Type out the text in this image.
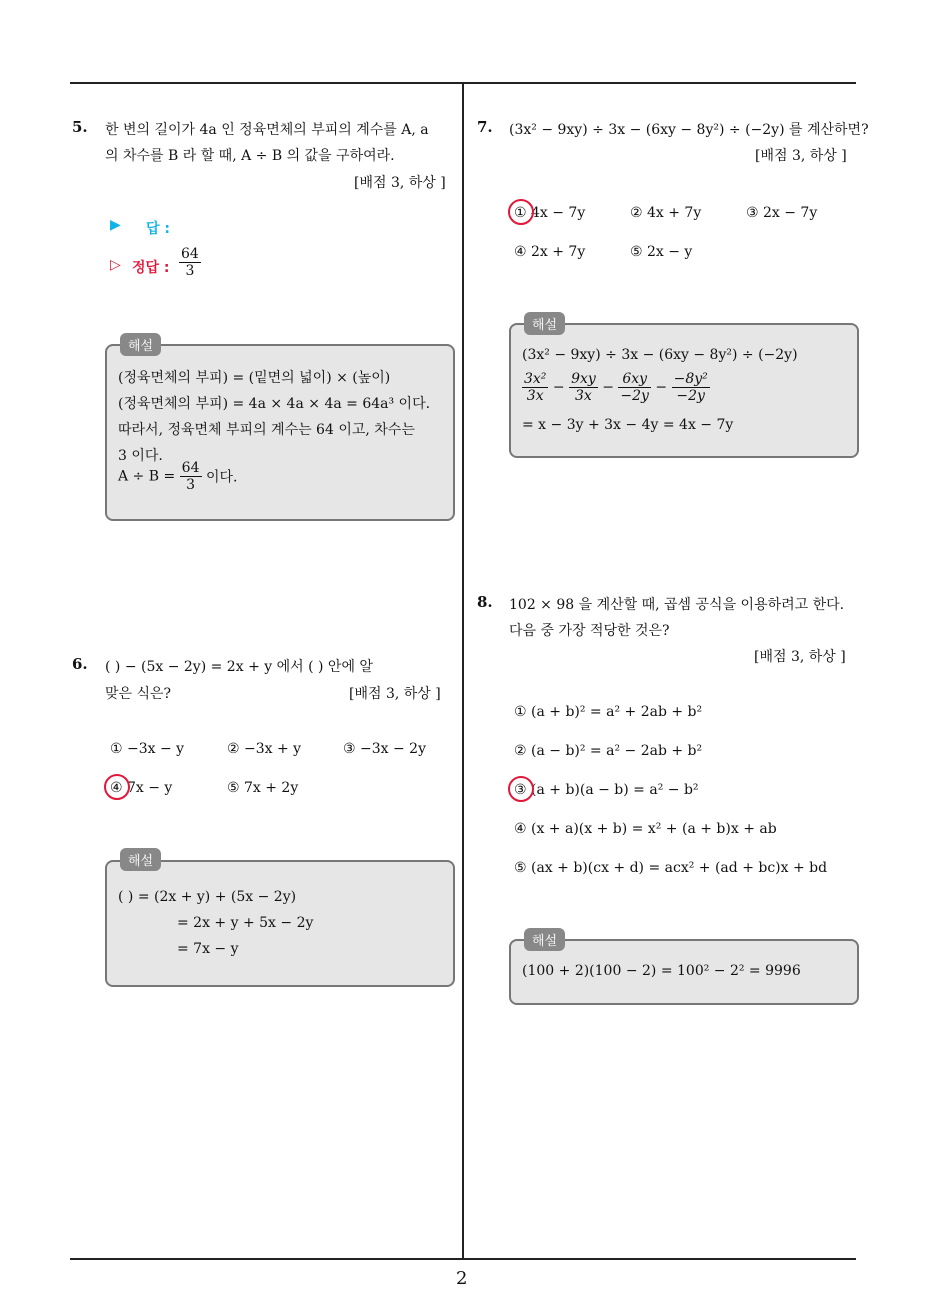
2
5. 한 변의 길이가 4a 인 정육면체의 부피의 계수를 A, a
의 차수를 B 라 할 때, A ÷ B 의 값을 구하여라.
[배점 3, 하상 ]
▶ 답 :
▷ 정답 : $\frac{64}{3}$
해설
(정육면체의 부피) = (밑면의 넓이) × (높이)
(정육면체의 부피) = 4a × 4a × 4a = 64a³ 이다.
따라서, 정육면체 부피의 계수는 64 이고, 차수는
3 이다.
$A \div B = \frac{64}{3}$ 이다.
6. ( ) − (5x − 2y) = 2x + y 에서 ( ) 안에 알
맞은 식은?	[배점 3, 하상 ]
① −3x − y	② −3x + y	③ −3x − 2y
④ 7x − y	⑤ 7x + 2y
해설
( ) = (2x + y) + (5x − 2y)
= 2x + y + 5x − 2y
= 7x − y
7. (3x² − 9xy) ÷ 3x − (6xy − 8y²) ÷ (−2y) 를 계산하면?
[배점 3, 하상 ]
① 4x − 7y	② 4x + 7y	③ 2x − 7y
④ 2x + 7y	⑤ 2x − y
해설
(3x² − 9xy) ÷ 3x − (6xy − 8y²) ÷ (−2y)
$\frac{\text{3x²}}{3x} - \frac{9xy}{3x} - \frac{6xy}{-2y} - \frac{\text{−8y²}}{-2y}$
= x − 3y + 3x − 4y = 4x − 7y
8. 102 × 98 을 계산할 때, 곱셈 공식을 이용하려고 한다.
다음 중 가장 적당한 것은?
[배점 3, 하상 ]
① (a + b)² = a² + 2ab + b²
② (a − b)² = a² − 2ab + b²
③ (a + b)(a − b) = a² − b²
④ (x + a)(x + b) = x² + (a + b)x + ab
⑤ (ax + b)(cx + d) = acx² + (ad + bc)x + bd
해설
(100 + 2)(100 − 2) = 100² − 2² = 9996
